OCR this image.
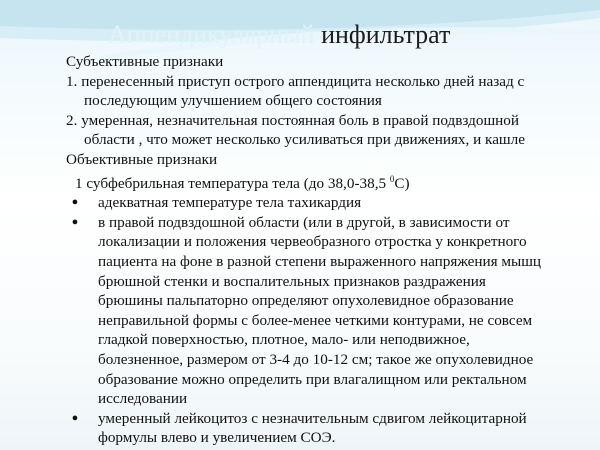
Аппендикулярный инфильтрат
Субъективные признаки
1. перенесенный приступ острого аппендицита несколько дней назад с
последующим улучшением общего состояния
2. умеренная, незначительная постоянная боль в правой подвздошной
области , что может несколько усиливаться при движениях, и кашле
Объективные признаки
1 субфебрильная температура тела (до 38,0-38,5 $^0$С)
● адекватная температуре тела тахикардия
● в правой подвздошной области (или в другой, в зависимости от
локализации и положения червеобразного отростка у конкретного
пациента на фоне в разной степени выраженного напряжения мышц
брюшной стенки и воспалительных признаков раздражения
брюшины пальпаторно определяют опухолевидное образование
неправильной формы с более-менее четкими контурами, не совсем
гладкой поверхностью, плотное, мало- или неподвижное,
болезненное, размером от 3-4 до 10-12 см; такое же опухолевидное
образование можно определить при влагалищном или ректальном
исследовании
● умеренный лейкоцитоз с незначительным сдвигом лейкоцитарной
формулы влево и увеличением СОЭ.
